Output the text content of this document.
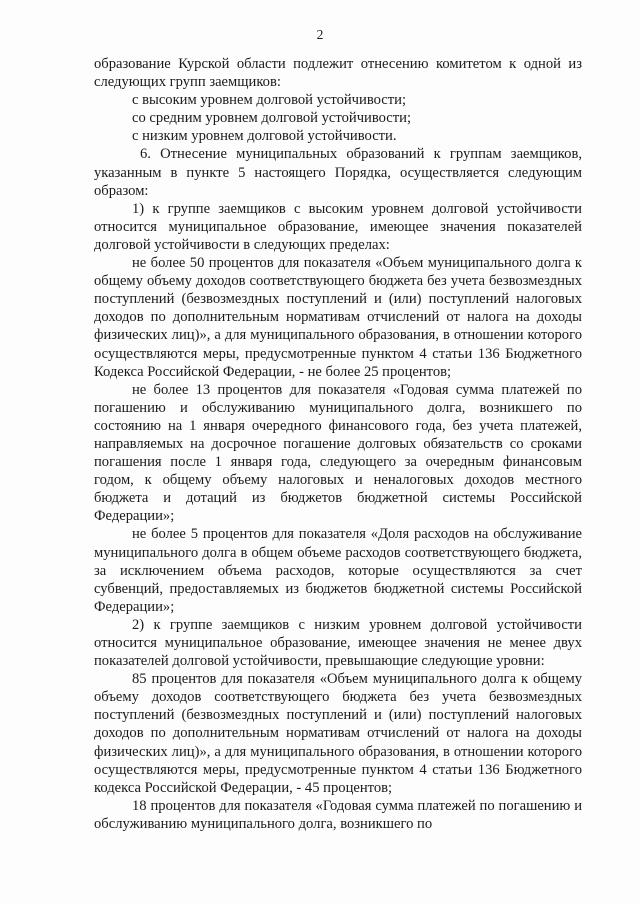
2

образование Курской области подлежит отнесению комитетом к одной из следующих групп заемщиков:

с высоким уровнем долговой устойчивости;

со средним уровнем долговой устойчивости;

с низким уровнем долговой устойчивости.

6. Отнесение муниципальных образований к группам заемщиков, указанным в пункте 5 настоящего Порядка, осуществляется следующим образом:

1) к группе заемщиков с высоким уровнем долговой устойчивости относится муниципальное образование, имеющее значения показателей долговой устойчивости в следующих пределах:

не более 50 процентов для показателя «Объем муниципального долга к общему объему доходов соответствующего бюджета без учета безвозмездных поступлений (безвозмездных поступлений и (или) поступлений налоговых доходов по дополнительным нормативам отчислений от налога на доходы физических лиц)», а для муниципального образования, в отношении которого осуществляются меры, предусмотренные пунктом 4 статьи 136 Бюджетного Кодекса Российской Федерации, - не более 25 процентов;

не более 13 процентов для показателя «Годовая сумма платежей по погашению и обслуживанию муниципального долга, возникшего по состоянию на 1 января очередного финансового года, без учета платежей, направляемых на досрочное погашение долговых обязательств со сроками погашения после 1 января года, следующего за очередным финансовым годом, к общему объему налоговых и неналоговых доходов местного бюджета и дотаций из бюджетов бюджетной системы Российской Федерации»;

не более 5 процентов для показателя «Доля расходов на обслуживание муниципального долга в общем объеме расходов соответствующего бюджета, за исключением объема расходов, которые осуществляются за счет субвенций, предоставляемых из бюджетов бюджетной системы Российской Федерации»;

2) к группе заемщиков с низким уровнем долговой устойчивости относится муниципальное образование, имеющее значения не менее двух показателей долговой устойчивости, превышающие следующие уровни:

85 процентов для показателя «Объем муниципального долга к общему объему доходов соответствующего бюджета без учета безвозмездных поступлений (безвозмездных поступлений и (или) поступлений налоговых доходов по дополнительным нормативам отчислений от налога на доходы физических лиц)», а для муниципального образования, в отношении которого осуществляются меры, предусмотренные пунктом 4 статьи 136 Бюджетного кодекса Российской Федерации, - 45 процентов;

18 процентов для показателя «Годовая сумма платежей по погашению и обслуживанию муниципального долга, возникшего по
